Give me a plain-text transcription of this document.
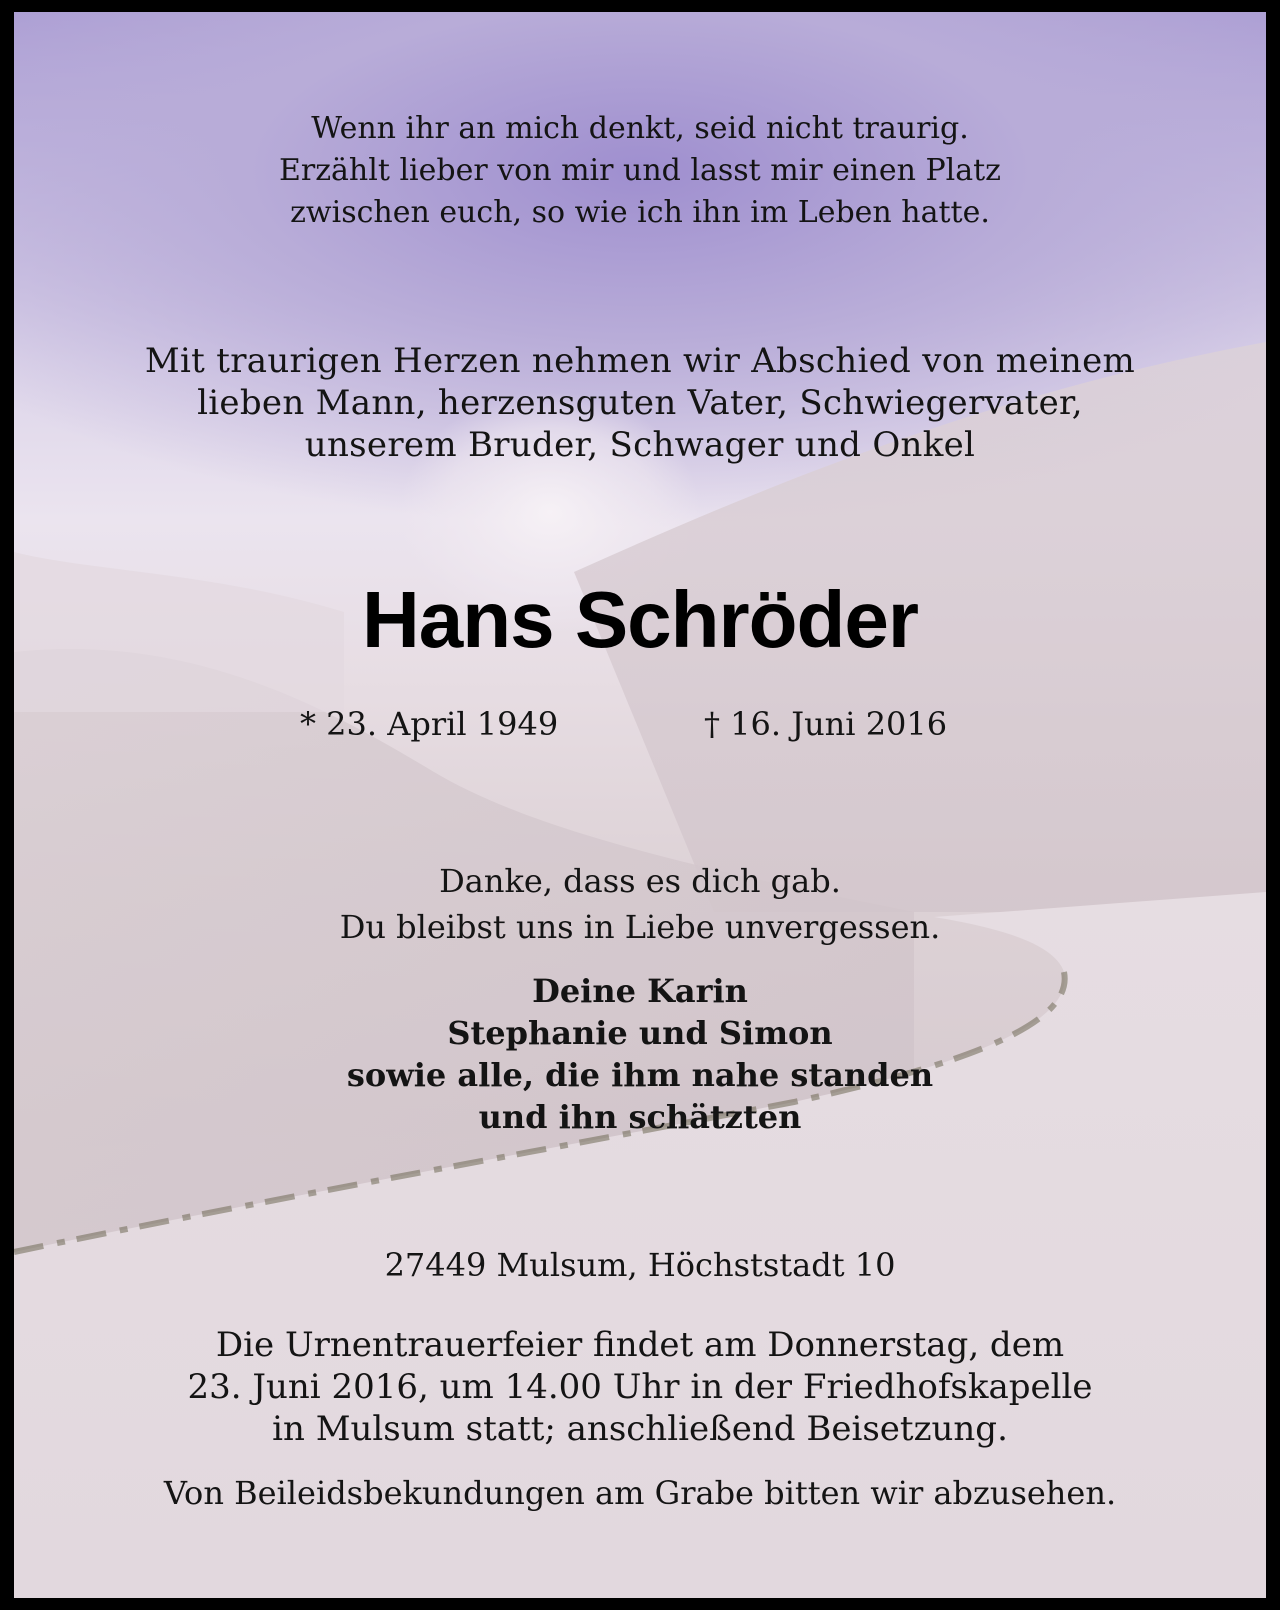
Wenn ihr an mich denkt, seid nicht traurig.
Erzählt lieber von mir und lasst mir einen Platz
zwischen euch, so wie ich ihn im Leben hatte.
Mit traurigen Herzen nehmen wir Abschied von meinem
lieben Mann, herzensguten Vater, Schwiegervater,
unserem Bruder, Schwager und Onkel
Hans Schröder
* 23. April 1949	† 16. Juni 2016
Danke, dass es dich gab.
Du bleibst uns in Liebe unvergessen.
Deine Karin
Stephanie und Simon
sowie alle, die ihm nahe standen
und ihn schätzten
27449 Mulsum, Höchststadt 10
Die Urnentrauerfeier findet am Donnerstag, dem
23. Juni 2016, um 14.00 Uhr in der Friedhofskapelle
in Mulsum statt; anschließend Beisetzung.
Von Beileidsbekundungen am Grabe bitten wir abzusehen.
